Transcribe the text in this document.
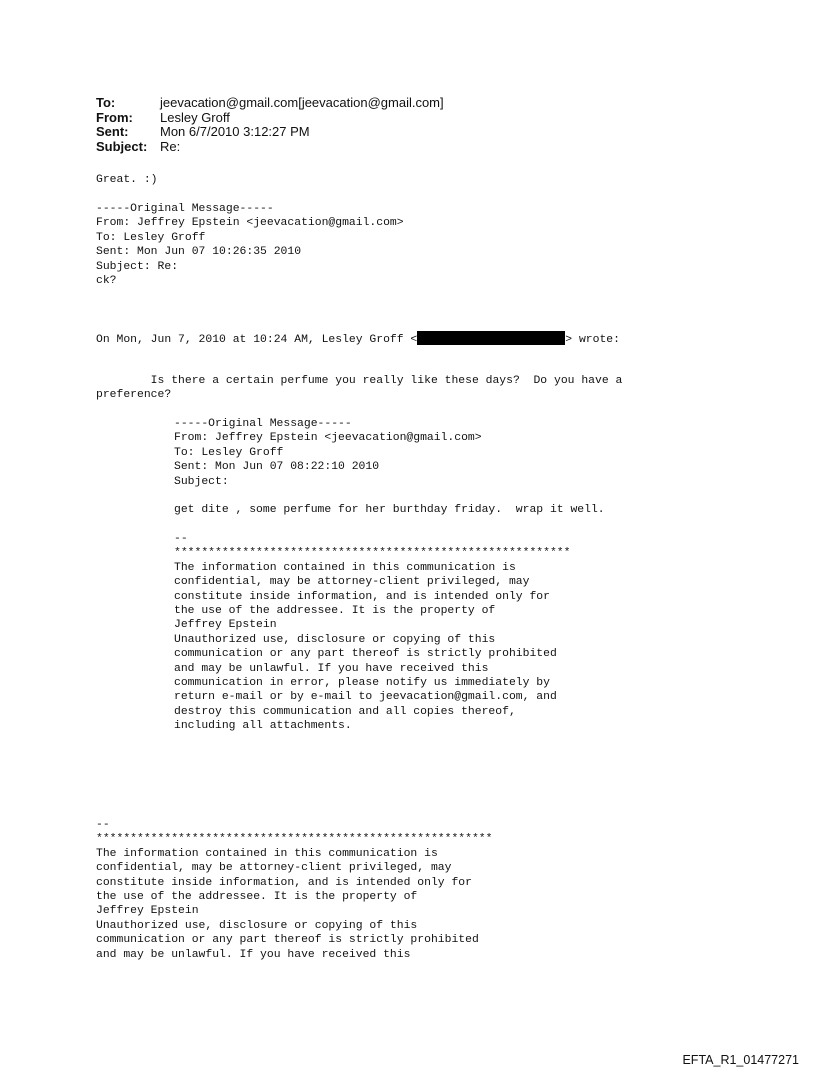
To:	jeevacation@gmail.com[jeevacation@gmail.com]
From:	Lesley Groff
Sent:	Mon 6/7/2010 3:12:27 PM
Subject: Re:
Great. :)
-----Original Message-----
From: Jeffrey Epstein <jeevacation@gmail.com>
To: Lesley Groff
Sent: Mon Jun 07 10:26:35 2010
Subject: Re:
ck?
On Mon, Jun 7, 2010 at 10:24 AM, Lesley Groff <	> wrote:
Is there a certain perfume you really like these days?  Do you have a
preference?
-----Original Message-----
From: Jeffrey Epstein <jeevacation@gmail.com>
To: Lesley Groff
Sent: Mon Jun 07 08:22:10 2010
Subject:
get dite , some perfume for her burthday friday.  wrap it well.
--
**********************************************************
The information contained in this communication is
confidential, may be attorney-client privileged, may
constitute inside information, and is intended only for
the use of the addressee. It is the property of
Jeffrey Epstein
Unauthorized use, disclosure or copying of this
communication or any part thereof is strictly prohibited
and may be unlawful. If you have received this
communication in error, please notify us immediately by
return e-mail or by e-mail to jeevacation@gmail.com, and
destroy this communication and all copies thereof,
including all attachments.
--
**********************************************************
The information contained in this communication is
confidential, may be attorney-client privileged, may
constitute inside information, and is intended only for
the use of the addressee. It is the property of
Jeffrey Epstein
Unauthorized use, disclosure or copying of this
communication or any part thereof is strictly prohibited
and may be unlawful. If you have received this
EFTA_R1_01477271
